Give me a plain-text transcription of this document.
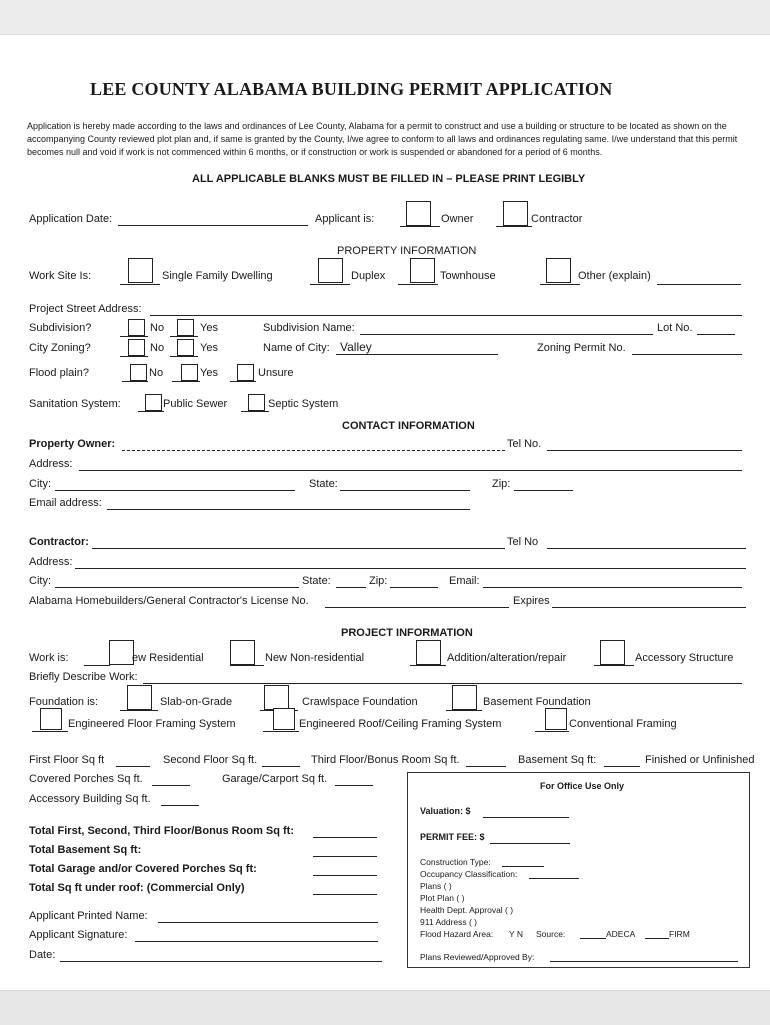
LEE COUNTY ALABAMA BUILDING PERMIT APPLICATION
Application is hereby made according to the laws and ordinances of Lee County, Alabama for a permit to construct and use a building or structure to be located as shown on the accompanying County reviewed plot plan and, if same is granted by the County, I/we agree to conform to all laws and ordinances regulating same. I/we understand that this permit becomes null and void if work is not commenced within 6 months, or if construction or work is suspended or abandoned for a period of 6 months.
ALL APPLICABLE BLANKS MUST BE FILLED IN – PLEASE PRINT LEGIBLY
Application Date:	Applicant is:	Owner	Contractor
PROPERTY INFORMATION
Work Site Is:	Single Family Dwelling	Duplex	Townhouse	Other (explain)
Project Street Address:
Subdivision?	No	Yes	Subdivision Name:	Lot No.
City Zoning?	No	Yes	Name of City: Valley	Zoning Permit No.
Flood plain?	No	Yes	Unsure
Sanitation System:	Public Sewer	Septic System
CONTACT INFORMATION
Property Owner:	Tel No.
Address:
City:	State:	Zip:
Email address:
Contractor:	Tel No
Address:
City:	State:	Zip:	Email:
Alabama Homebuilders/General Contractor's License No.	Expires
PROJECT INFORMATION
Work is:	ew Residential	New Non-residential	Addition/alteration/repair	Accessory Structure
Briefly Describe Work:
Foundation is:	Slab-on-Grade	Crawlspace Foundation	Basement Foundation
Engineered Floor Framing System	Engineered Roof/Ceiling Framing System	Conventional Framing
First Floor Sq ft	Second Floor Sq ft.	Third Floor/Bonus Room Sq ft.	Basement Sq ft:	Finished or Unfinished
Covered Porches Sq ft.	Garage/Carport Sq ft.
Accessory Building Sq ft.
Total First, Second, Third Floor/Bonus Room Sq ft:
Total Basement Sq ft:
Total Garage and/or Covered Porches Sq ft:
Total Sq ft under roof: (Commercial Only)
Applicant Printed Name:
Applicant Signature:
Date:
For Office Use Only
Valuation: $
PERMIT FEE: $
Construction Type:
Occupancy Classification:
Plans ( )
Plot Plan ( )
Health Dept. Approval ( )
911 Address ( )
Flood Hazard Area: Y N Source:	ADECA	FIRM
Plans Reviewed/Approved By:
